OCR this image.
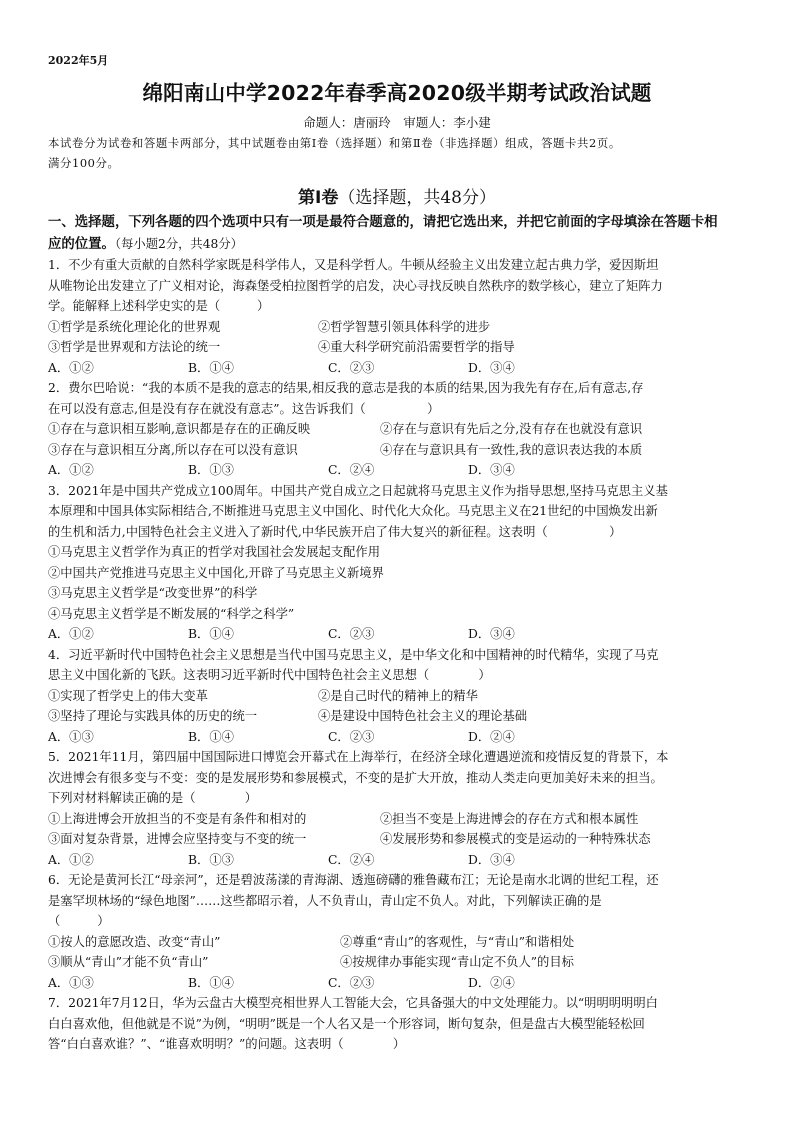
2022年5月
绵阳南山中学2022年春季高2020级半期考试政治试题
命题人：唐丽玲　审题人：李小建
本试卷分为试卷和答题卡两部分，其中试题卷由第Ⅰ卷（选择题）和第Ⅱ卷（非选择题）组成，答题卡共2页。
满分100分。
第Ⅰ卷（选择题，共48分）
一、选择题，下列各题的四个选项中只有一项是最符合题意的，请把它选出来，并把它前面的字母填涂在答题卡相
应的位置。（每小题2分，共48分）
1．不少有重大贡献的自然科学家既是科学伟人，又是科学哲人。牛顿从经验主义出发建立起古典力学，爱因斯坦
从唯物论出发建立了广义相对论，海森堡受柏拉图哲学的启发，决心寻找反映自然秩序的数学核心，建立了矩阵力
学。能解释上述科学史实的是（　　　）
①哲学是系统化理论化的世界观	②哲学智慧引领具体科学的进步
③哲学是世界观和方法论的统一	④重大科学研究前沿需要哲学的指导
A．①②	B．①④	C．②③	D．③④
2．费尔巴哈说：“我的本质不是我的意志的结果,相反我的意志是我的本质的结果,因为我先有存在,后有意志,存
在可以没有意志,但是没有存在就没有意志”。这告诉我们（　　　　　）
①存在与意识相互影响,意识都是存在的正确反映	②存在与意识有先后之分,没有存在也就没有意识
③存在与意识相互分离,所以存在可以没有意识	④存在与意识具有一致性,我的意识表达我的本质
A．①②	B．①③	C．②④	D．③④
3．2021年是中国共产党成立100周年。中国共产党自成立之日起就将马克思主义作为指导思想,坚持马克思主义基
本原理和中国具体实际相结合,不断推进马克思主义中国化、时代化大众化。马克思主义在21世纪的中国焕发出新
的生机和活力,中国特色社会主义进入了新时代,中华民族开启了伟大复兴的新征程。这表明（　　　　　）
①马克思主义哲学作为真正的哲学对我国社会发展起支配作用
②中国共产党推进马克思主义中国化,开辟了马克思主义新境界
③马克思主义哲学是“改变世界”的科学
④马克思主义哲学是不断发展的“科学之科学”
A．①②	B．①④	C．②③	D．③④
4．习近平新时代中国特色社会主义思想是当代中国马克思主义，是中华文化和中国精神的时代精华，实现了马克
思主义中国化新的飞跃。这表明习近平新时代中国特色社会主义思想（　　　　）
①实现了哲学史上的伟大变革	②是自己时代的精神上的精华
③坚持了理论与实践具体的历史的统一	④是建设中国特色社会主义的理论基础
A．①③	B．①④	C．②③	D．②④
5．2021年11月，第四届中国国际进口博览会开幕式在上海举行，在经济全球化遭遇逆流和疫情反复的背景下，本
次进博会有很多变与不变：变的是发展形势和参展模式，不变的是扩大开放，推动人类走向更加美好未来的担当。
下列对材料解读正确的是（　　　　）
①上海进博会开放担当的不变是有条件和相对的	②担当不变是上海进博会的存在方式和根本属性
③面对复杂背景，进博会应坚持变与不变的统一	④发展形势和参展模式的变是运动的一种特殊状态
A．①②	B．①③	C．②④	D．③④
6．无论是黄河长江“母亲河”，还是碧波荡漾的青海湖、透迤磅礴的雅鲁藏布江；无论是南水北调的世纪工程，还
是塞罕坝林场的“绿色地图”……这些都昭示着，人不负青山，青山定不负人。对此，下列解读正确的是
（　　　）
①按人的意愿改造、改变“青山”	②尊重“青山”的客观性，与“青山”和谐相处
③顺从“青山”才能不负“青山”	④按规律办事能实现“青山定不负人”的目标
A．①③	B．①④	C．②③	D．②④
7．2021年7月12日，华为云盘古大模型亮相世界人工智能大会，它具备强大的中文处理能力。以“明明明明明白
白白喜欢他，但他就是不说”为例，“明明”既是一个人名又是一个形容词，断句复杂，但是盘古大模型能轻松回
答“白白喜欢谁？”、“谁喜欢明明？”的问题。这表明（　　　　）
